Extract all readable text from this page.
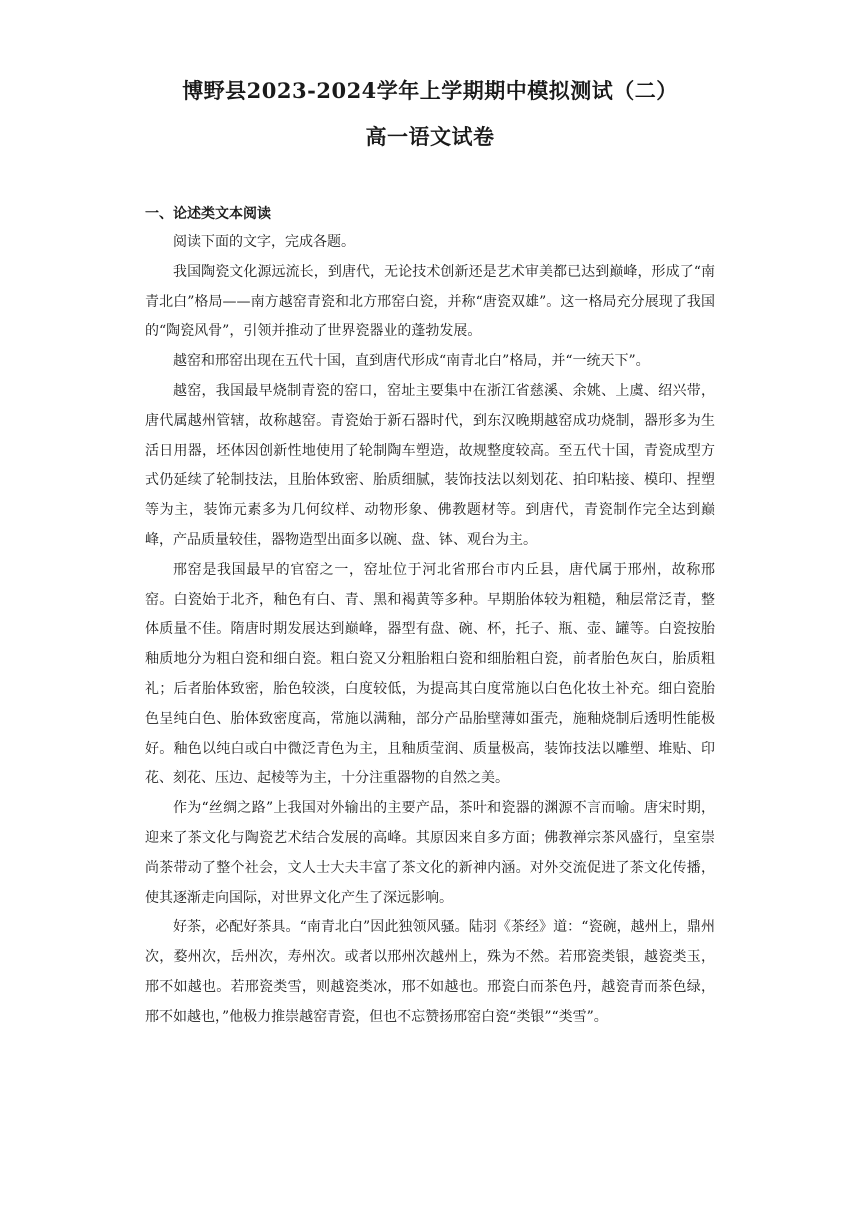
博野县2023-2024学年上学期期中模拟测试（二）
高一语文试卷
一、论述类文本阅读

阅读下面的文字，完成各题。

我国陶瓷文化源远流长，到唐代，无论技术创新还是艺术审美都已达到巅峰，形成了“南青北白”格局——南方越窑青瓷和北方邢窑白瓷，并称“唐瓷双雄”。这一格局充分展现了我国的“陶瓷风骨”，引领并推动了世界瓷器业的蓬勃发展。

越窑和邢窑出现在五代十国，直到唐代形成“南青北白”格局，并“一统天下”。

越窑，我国最早烧制青瓷的窑口，窑址主要集中在浙江省慈溪、余姚、上虞、绍兴带，唐代属越州管辖，故称越窑。青瓷始于新石器时代，到东汉晚期越窑成功烧制，器形多为生活日用器，坯体因创新性地使用了轮制陶车塑造，故规整度较高。至五代十国，青瓷成型方式仍延续了轮制技法，且胎体致密、胎质细腻，装饰技法以刻划花、拍印粘接、模印、捏塑等为主，装饰元素多为几何纹样、动物形象、佛教题材等。到唐代，青瓷制作完全达到巅峰，产品质量较佳，器物造型出面多以碗、盘、钵、观台为主。

邢窑是我国最早的官窑之一，窑址位于河北省邢台市内丘县，唐代属于邢州，故称邢窑。白瓷始于北齐，釉色有白、青、黑和褐黄等多种。早期胎体较为粗糙，釉层常泛青，整体质量不佳。隋唐时期发展达到巅峰，器型有盘、碗、杯，托子、瓶、壶、罐等。白瓷按胎釉质地分为粗白瓷和细白瓷。粗白瓷又分粗胎粗白瓷和细胎粗白瓷，前者胎色灰白，胎质粗礼；后者胎体致密，胎色较淡，白度较低，为提高其白度常施以白色化妆土补充。细白瓷胎色呈纯白色、胎体致密度高，常施以满釉，部分产品胎壁薄如蛋壳，施釉烧制后透明性能极好。釉色以纯白或白中微泛青色为主，且釉质莹润、质量极高，装饰技法以雕塑、堆贴、印花、刻花、压边、起棱等为主，十分注重器物的自然之美。

作为“丝绸之路”上我国对外输出的主要产品，茶叶和瓷器的渊源不言而喻。唐宋时期，迎来了茶文化与陶瓷艺术结合发展的高峰。其原因来自多方面；佛教禅宗茶风盛行，皇室崇尚茶带动了整个社会，文人士大夫丰富了茶文化的新神内涵。对外交流促进了茶文化传播，使其逐渐走向国际，对世界文化产生了深远影响。

好茶，必配好茶具。“南青北白”因此独领风骚。陆羽《茶经》道：“瓷碗，越州上，鼎州次，婺州次，岳州次，寿州次。或者以邢州次越州上，殊为不然。若邢瓷类银，越瓷类玉，邢不如越也。若邢瓷类雪，则越瓷类冰，邢不如越也。邢瓷白而茶色丹，越瓷青而茶色绿，邢不如越也，”他极力推崇越窑青瓷，但也不忘赞扬邢窑白瓷“类银”“类雪”。
